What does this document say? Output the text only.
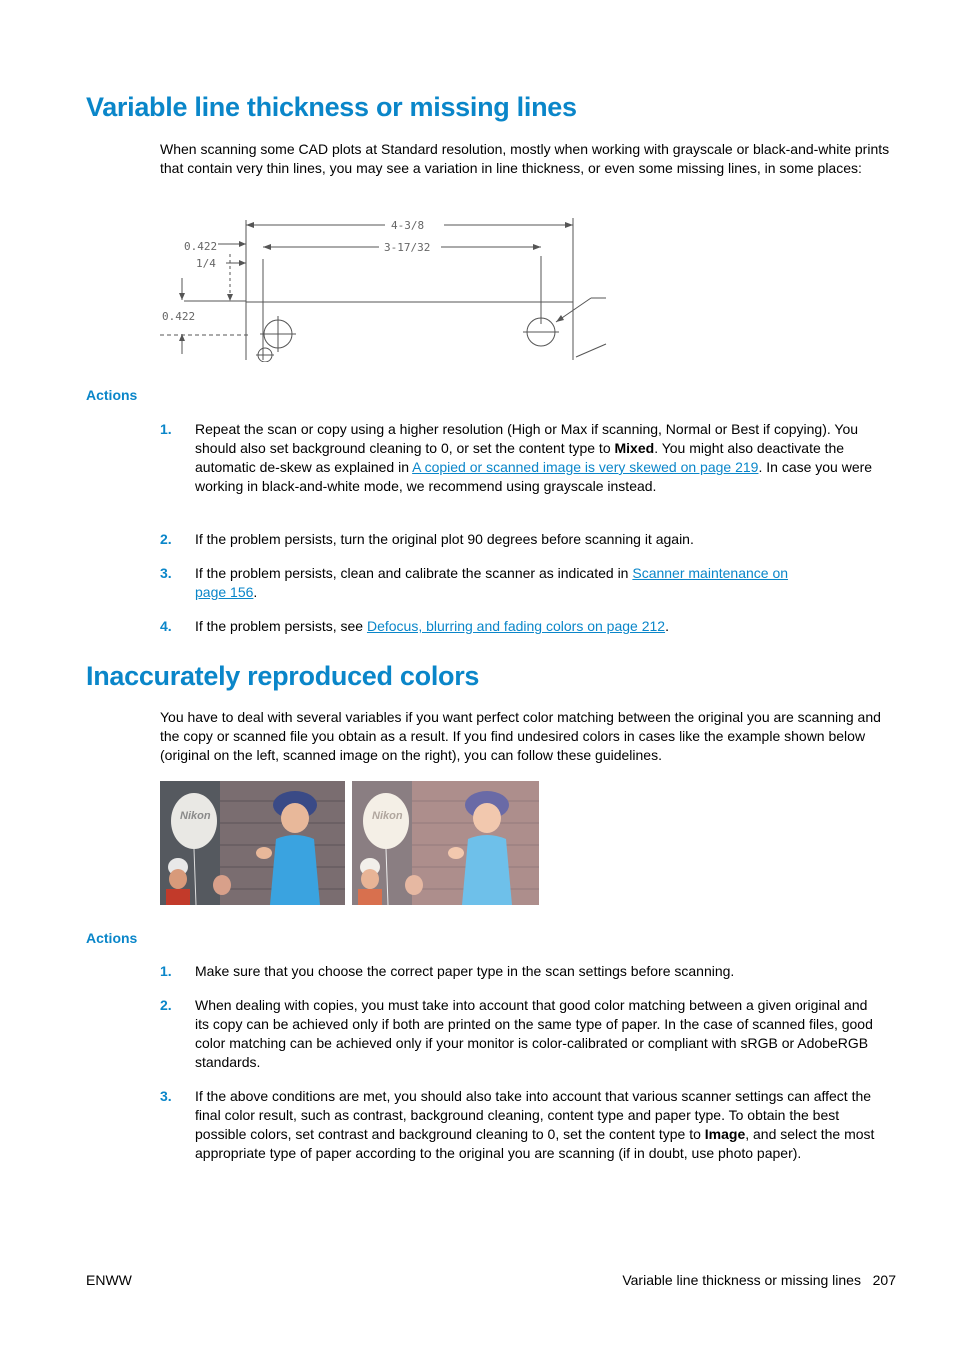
Variable line thickness or missing lines

When scanning some CAD plots at Standard resolution, mostly when working with grayscale or black-and-white prints that contain very thin lines, you may see a variation in line thickness, or even some missing lines, in some places:

4-3/8
3-17/32
0.422
1/4
0.422
Actions
1. Repeat the scan or copy using a higher resolution (High or Max if scanning, Normal or Best if copying). You should also set background cleaning to 0, or set the content type to Mixed. You might also deactivate the automatic de-skew as explained in A copied or scanned image is very skewed on page 219. In case you were working in black-and-white mode, we recommend using grayscale instead.
2. If the problem persists, turn the original plot 90 degrees before scanning it again.
3. If the problem persists, clean and calibrate the scanner as indicated in Scanner maintenance on page 156.
4. If the problem persists, see Defocus, blurring and fading colors on page 212.
Inaccurately reproduced colors

You have to deal with several variables if you want perfect color matching between the original you are scanning and the copy or scanned file you obtain as a result. If you find undesired colors in cases like the example shown below (original on the left, scanned image on the right), you can follow these guidelines.

Nikon	Nikon
Actions
1. Make sure that you choose the correct paper type in the scan settings before scanning.
2. When dealing with copies, you must take into account that good color matching between a given original and its copy can be achieved only if both are printed on the same type of paper. In the case of scanned files, good color matching can be achieved only if your monitor is color-calibrated or compliant with sRGB or AdobeRGB standards.
3. If the above conditions are met, you should also take into account that various scanner settings can affect the final color result, such as contrast, background cleaning, content type and paper type. To obtain the best possible colors, set contrast and background cleaning to 0, set the content type to Image, and select the most appropriate type of paper according to the original you are scanning (if in doubt, use photo paper).
ENWW	Variable line thickness or missing lines 207
